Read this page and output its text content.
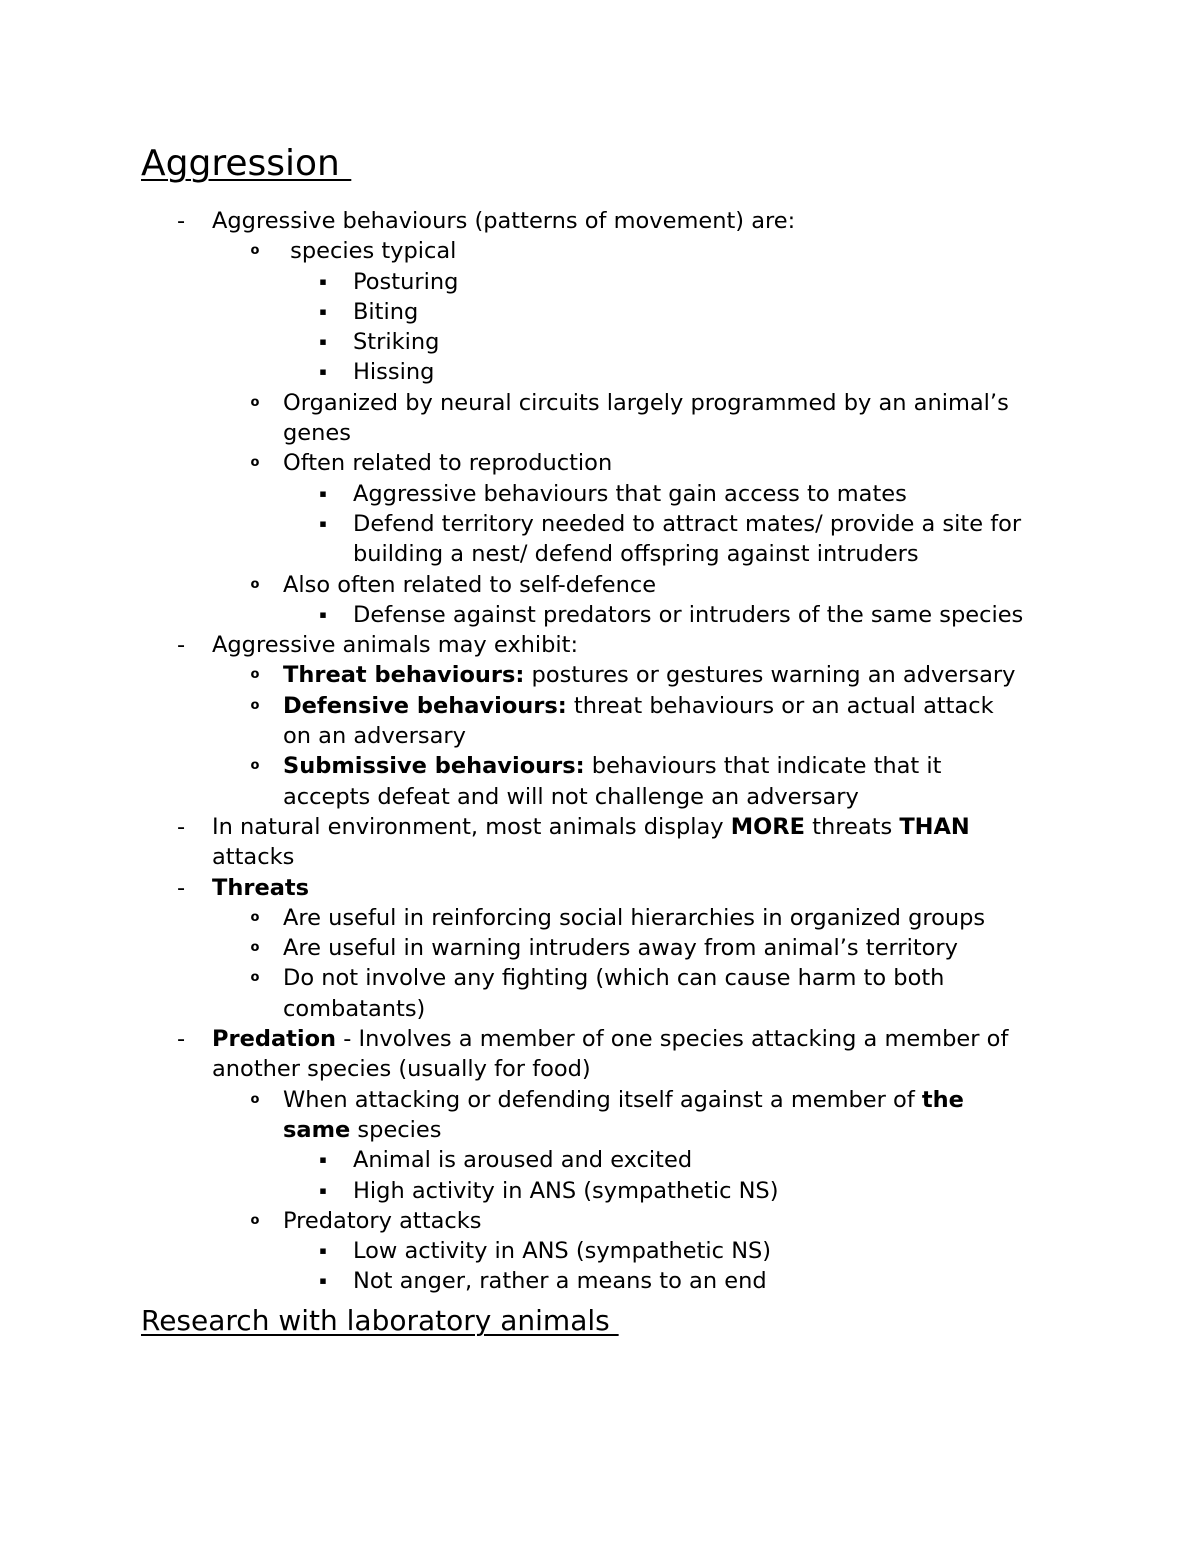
Aggression
- Aggressive behaviours (patterns of movement) are:
o species typical
▪ Posturing
▪ Biting
▪ Striking
▪ Hissing
o Organized by neural circuits largely programmed by an animal’s
genes
o Often related to reproduction
▪ Aggressive behaviours that gain access to mates
▪ Defend territory needed to attract mates/ provide a site for
building a nest/ defend offspring against intruders
o Also often related to self-defence
▪ Defense against predators or intruders of the same species
- Aggressive animals may exhibit:
o Threat behaviours: postures or gestures warning an adversary
o Defensive behaviours: threat behaviours or an actual attack
on an adversary
o Submissive behaviours: behaviours that indicate that it
accepts defeat and will not challenge an adversary
- In natural environment, most animals display MORE threats THAN
attacks
- Threats
o Are useful in reinforcing social hierarchies in organized groups
o Are useful in warning intruders away from animal’s territory
o Do not involve any fighting (which can cause harm to both
combatants)
- Predation - Involves a member of one species attacking a member of
another species (usually for food)
o When attacking or defending itself against a member of the
same species
▪ Animal is aroused and excited
▪ High activity in ANS (sympathetic NS)
o Predatory attacks
▪ Low activity in ANS (sympathetic NS)
▪ Not anger, rather a means to an end
Research with laboratory animals
